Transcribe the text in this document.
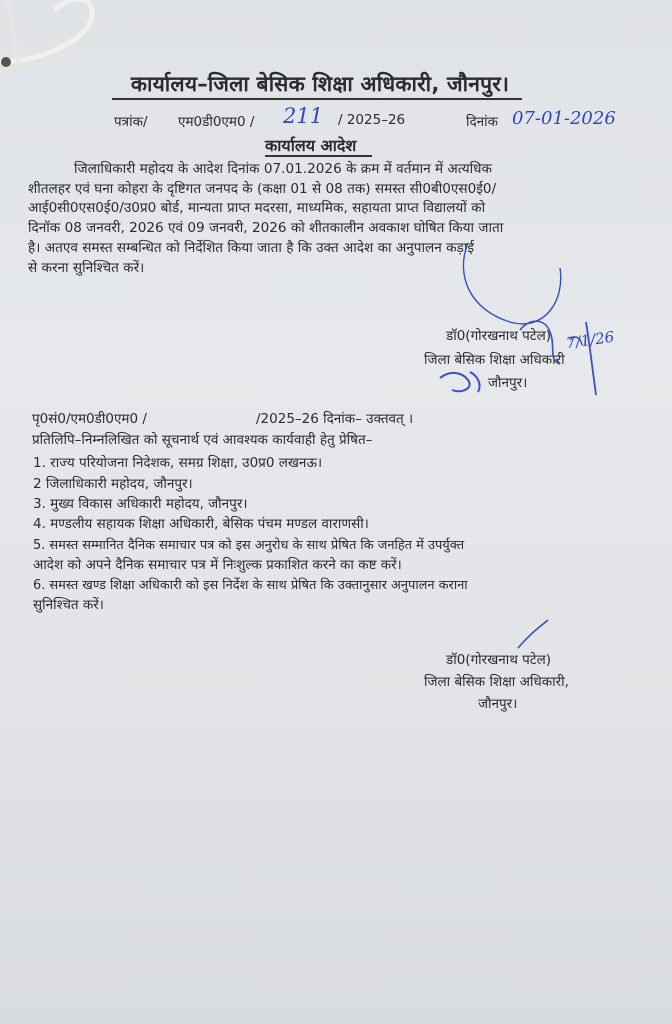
कार्यालय–जिला बेसिक शिक्षा अधिकारी, जौनपुर।
पत्रांक/ एम0डी0एम0 / 211 / 2025–26	दिनांक 07-01-2026
कार्यालय आदेश
जिलाधिकारी महोदय के आदेश दिनांक 07.01.2026 के क्रम में वर्तमान में अत्यधिक
शीतलहर एवं घना कोहरा के दृष्टिगत जनपद के (कक्षा 01 से 08 तक) समस्त सी0बी0एस0ई0/
आई0सी0एस0ई0/उ0प्र0 बोर्ड, मान्यता प्राप्त मदरसा, माध्यमिक, सहायता प्राप्त विद्यालयों को
दिनॉक 08 जनवरी, 2026 एवं 09 जनवरी, 2026 को शीतकालीन अवकाश घोषित किया जाता
है। अतएव समस्त सम्बन्धित को निर्देशित किया जाता है कि उक्त आदेश का अनुपालन कड़ाई
से करना सुनिश्चित करें।
डॉ0(गोरखनाथ पटेल)
जिला बेसिक शिक्षा अधिकारी
जौनपुर।
7/1/26
पृ0सं0/एम0डी0एम0 /	/2025–26 दिनांक– उक्तवत् ।
प्रतिलिपि–निम्नलिखित को सूचनार्थ एवं आवश्यक कार्यवाही हेतु प्रेषित–
1. राज्य परियोजना निदेशक, समग्र शिक्षा, उ0प्र0 लखनऊ।
2 जिलाधिकारी महोदय, जौनपुर।
3. मुख्य विकास अधिकारी महोदय, जौनपुर।
4. मण्डलीय सहायक शिक्षा अधिकारी, बेसिक पंचम मण्डल वाराणसी।
5. समस्त सम्मानित दैनिक समाचार पत्र को इस अनुरोध के साथ प्रेषित कि जनहित में उपर्युक्त
आदेश को अपने दैनिक समाचार पत्र में निःशुल्क प्रकाशित करने का कष्ट करें।
6. समस्त खण्ड शिक्षा अधिकारी को इस निर्देश के साथ प्रेषित कि उक्तानुसार अनुपालन कराना
सुनिश्चित करें।
डॉ0(गोरखनाथ पटेल)
जिला बेसिक शिक्षा अधिकारी,
जौनपुर।
